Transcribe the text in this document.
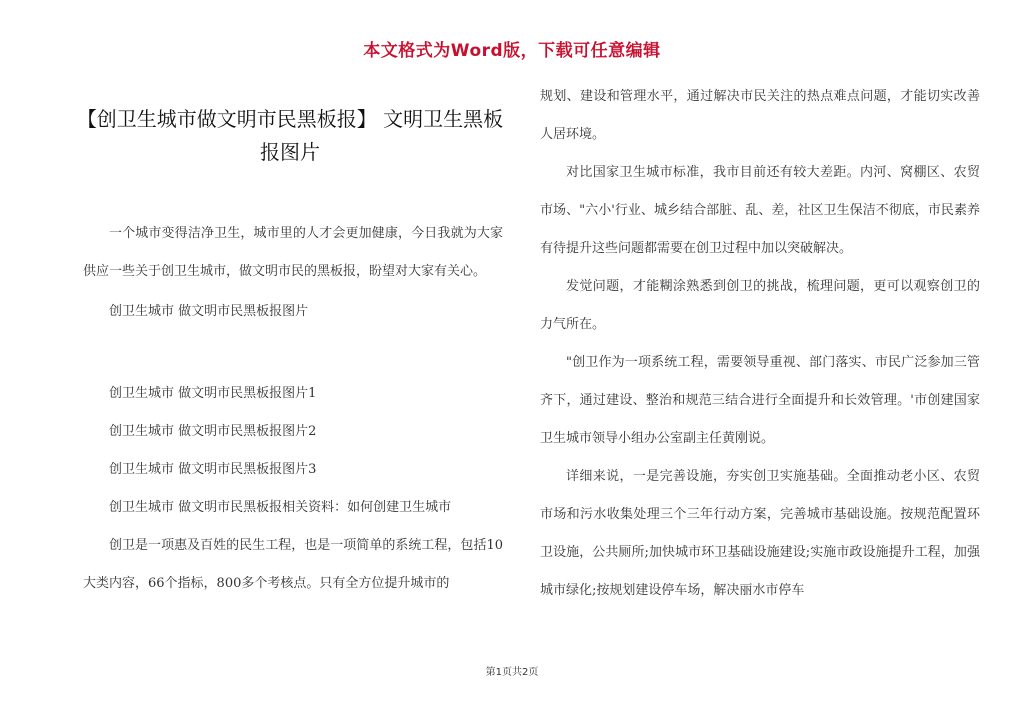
本文格式为Word版，下载可任意编辑
【创卫生城市做文明市民黑板报】 文明卫生黑板报图片

一个城市变得洁净卫生，城市里的人才会更加健康，今日我就为大家供应一些关于创卫生城市，做文明市民的黑板报，盼望对大家有关心。

创卫生城市 做文明市民黑板报图片

创卫生城市 做文明市民黑板报图片1

创卫生城市 做文明市民黑板报图片2

创卫生城市 做文明市民黑板报图片3

创卫生城市 做文明市民黑板报相关资料：如何创建卫生城市

创卫是一项惠及百姓的民生工程，也是一项简单的系统工程，包括10大类内容，66个指标，800多个考核点。只有全方位提升城市的

规划、建设和管理水平，通过解决市民关注的热点难点问题，才能切实改善人居环境。

对比国家卫生城市标准，我市目前还有较大差距。内河、窝棚区、农贸市场、"六小'行业、城乡结合部脏、乱、差，社区卫生保洁不彻底，市民素养有待提升这些问题都需要在创卫过程中加以突破解决。

发觉问题，才能糊涂熟悉到创卫的挑战，梳理问题，更可以观察创卫的力气所在。

"创卫作为一项系统工程，需要领导重视、部门落实、市民广泛参加三管齐下，通过建设、整治和规范三结合进行全面提升和长效管理。'市创建国家卫生城市领导小组办公室副主任黄刚说。

详细来说，一是完善设施，夯实创卫实施基础。全面推动老小区、农贸市场和污水收集处理三个三年行动方案，完善城市基础设施。按规范配置环卫设施，公共厕所;加快城市环卫基础设施建设;实施市政设施提升工程，加强城市绿化;按规划建设停车场，解决丽水市停车

第1页共2页
